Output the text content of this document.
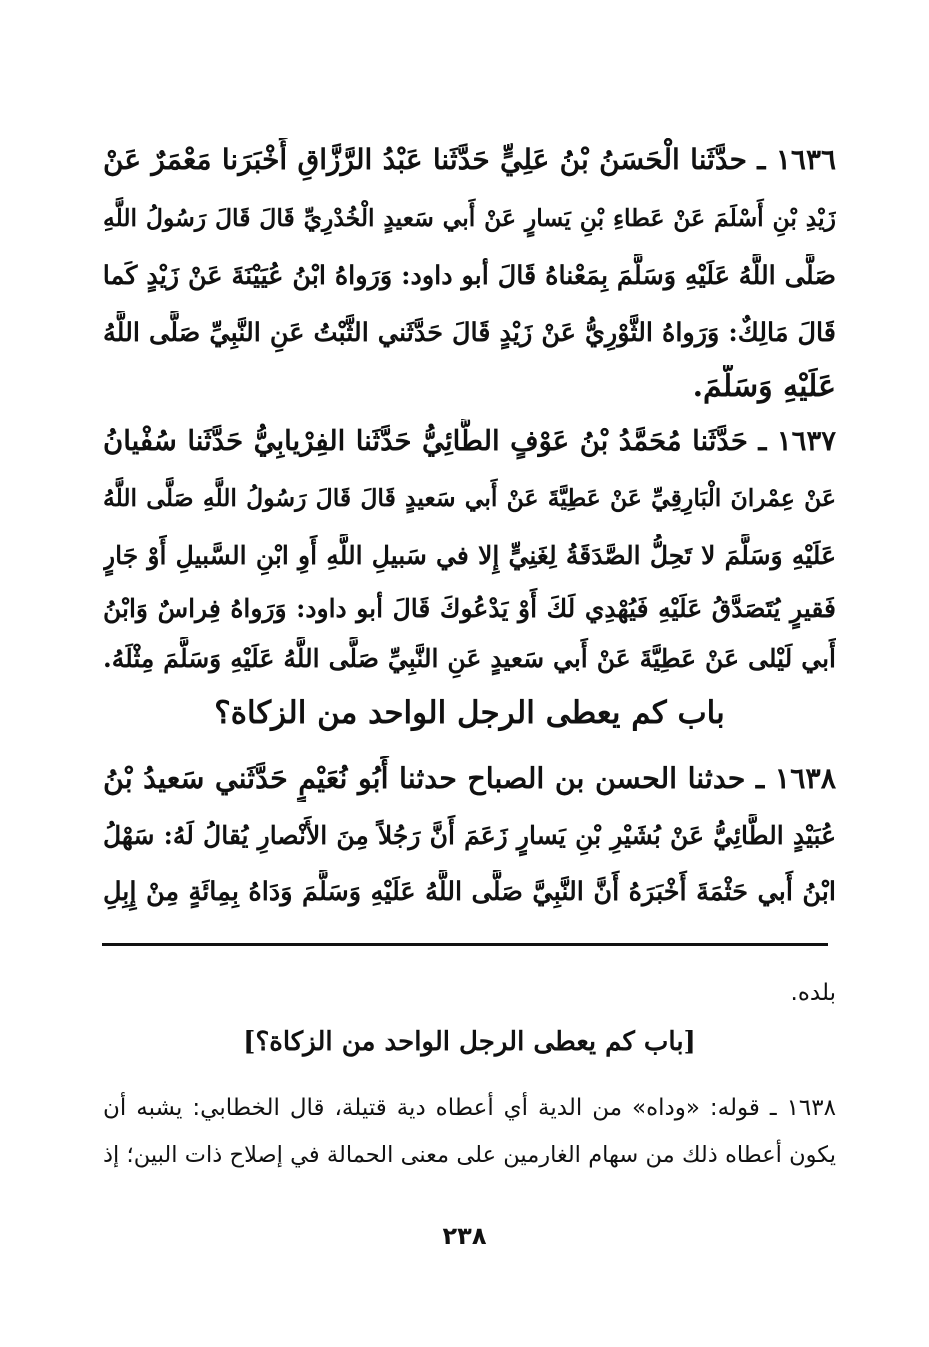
١٦٣٦ ـ حدَّثَنا الْحَسَنُ بْنُ عَلِيٍّ حَدَّثَنا عَبْدُ الرَّزَّاقِ أَخْبَرَنا مَعْمَرٌ عَنْ
زَيْدِ بْنِ أَسْلَمَ عَنْ عَطاءِ بْنِ يَسارٍ عَنْ أَبي سَعيدٍ الْخُدْرِيِّ قَالَ قَالَ رَسُولُ اللَّهِ
صَلَّى اللَّهُ عَلَيْهِ وَسَلَّمَ بِمَعْناهُ قَالَ أبو داود: وَرَواهُ ابْنُ عُيَيْنَةَ عَنْ زَيْدٍ كَما
قَالَ مَالِكٌ: وَرَواهُ الثَّوْرِيُّ عَنْ زَيْدٍ قَالَ حَدَّثَني الثَّبْتُ عَنِ النَّبِيِّ صَلَّى اللَّهُ
عَلَيْهِ وَسَلَّمَ.
١٦٣٧ ـ حَدَّثَنا مُحَمَّدُ بْنُ عَوْفٍ الطَّائِيُّ حَدَّثَنا الفِرْيابِيُّ حَدَّثَنا سُفْيانُ
عَنْ عِمْرانَ الْبَارِقِيِّ عَنْ عَطِيَّةَ عَنْ أَبي سَعيدٍ قَالَ قَالَ رَسُولُ اللَّهِ صَلَّى اللَّهُ
عَلَيْهِ وَسَلَّمَ لا تَحِلُّ الصَّدَقَةُ لِغَنِيٍّ إِلا في سَبيلِ اللَّهِ أَوِ ابْنِ السَّبيلِ أَوْ جَارٍ
فَقيرٍ يُتَصَدَّقُ عَلَيْهِ فَيُهْدِي لَكَ أَوْ يَدْعُوكَ قَالَ أبو داود: وَرَواهُ فِراسٌ وَابْنُ
أَبي لَيْلى عَنْ عَطِيَّةَ عَنْ أَبي سَعيدٍ عَنِ النَّبِيِّ صَلَّى اللَّهُ عَلَيْهِ وَسَلَّمَ مِثْلَهُ.
باب كم يعطى الرجل الواحد من الزكاة؟
١٦٣٨ ـ حدثنا الحسن بن الصباح حدثنا أَبُو نُعَيْمٍ حَدَّثَني سَعيدُ بْنُ
عُبَيْدٍ الطَّائِيُّ عَنْ بُشَيْرِ بْنِ يَسارٍ زَعَمَ أَنَّ رَجُلاً مِنَ الأَنْصارِ يُقالُ لَهُ: سَهْلُ
ابْنُ أَبي حَثْمَةَ أَخْبَرَهُ أَنَّ النَّبِيَّ صَلَّى اللَّهُ عَلَيْهِ وَسَلَّمَ وَدَاهُ بِمِائَةٍ مِنْ إِبِلِ
بلده.
[باب كم يعطى الرجل الواحد من الزكاة؟]
١٦٣٨ ـ قوله: «وداه» من الدية أي أعطاه دية قتيلة، قال الخطابي: يشبه أن
يكون أعطاه ذلك من سهام الغارمين على معنى الحمالة في إصلاح ذات البين؛ إذ
٢٣٨
